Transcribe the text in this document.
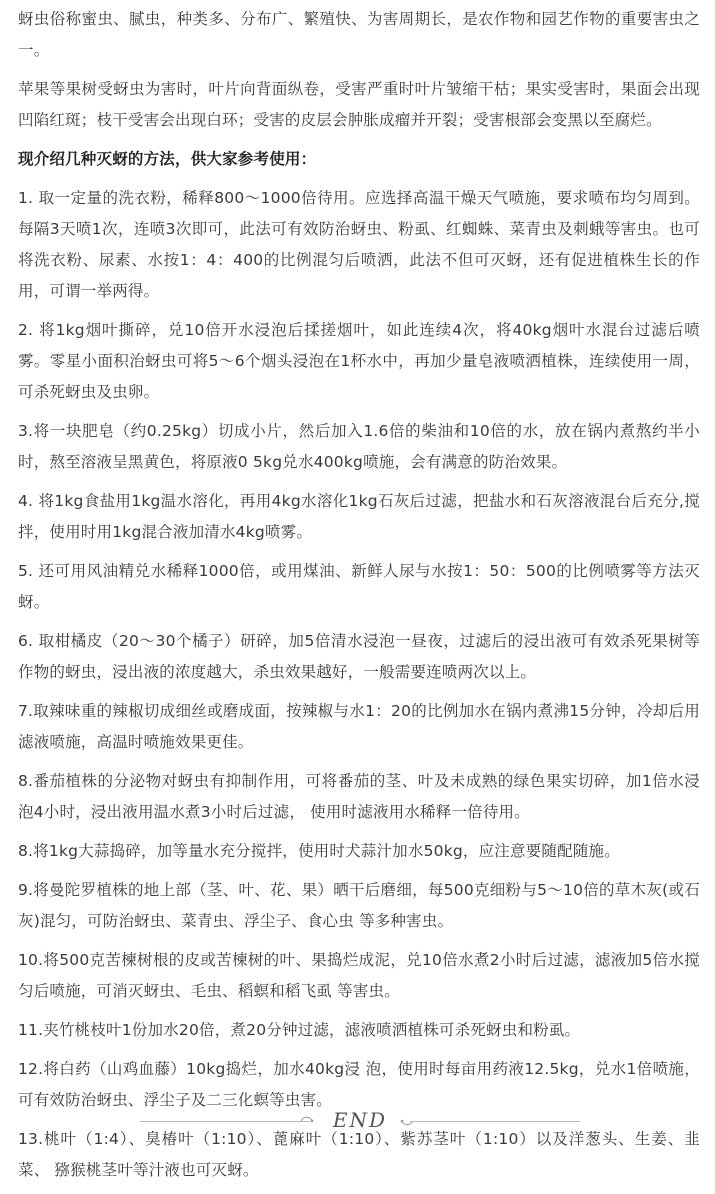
蚜虫俗称蜜虫、腻虫，种类多、分布广、繁殖快、为害周期长，是农作物和园艺作物的重要害虫之一。

苹果等果树受蚜虫为害时，叶片向背面纵卷，受害严重时叶片皱缩干枯；果实受害时，果面会出现凹陷红斑；枝干受害会出现白环；受害的皮层会肿胀成瘤并开裂；受害根部会变黑以至腐烂。

现介绍几种灭蚜的方法，供大家参考使用：

1. 取一定量的洗衣粉，稀释800～1000倍待用。应选择高温干燥天气喷施，要求喷布均匀周到。每隔3天喷1次，连喷3次即可，此法可有效防治蚜虫、粉虱、红蜘蛛、菜青虫及刺蛾等害虫。也可将洗衣粉、尿素、水按1：4：400的比例混匀后喷洒，此法不但可灭蚜，还有促进植株生长的作用，可谓一举两得。

2. 将1kg烟叶撕碎，兑10倍开水浸泡后揉搓烟叶，如此连续4次，将40kg烟叶水混台过滤后喷雾。零星小面积治蚜虫可将5～6个烟头浸泡在1杯水中，再加少量皂液喷洒植株，连续使用一周，可杀死蚜虫及虫卵。

3.将一块肥皂（约0.25kg）切成小片，然后加入1.6倍的柴油和10倍的水，放在锅内煮熬约半小时，熬至溶液呈黑黄色，将原液0 5kg兑水400kg喷施，会有满意的防治效果。

4. 将1kg食盐用1kg温水溶化，再用4kg水溶化1kg石灰后过滤，把盐水和石灰溶液混台后充分,搅拌，使用时用1kg混合液加清水4kg喷雾。

5. 还可用风油精兑水稀释1000倍，或用煤油、新鲜人尿与水按1：50：500的比例喷雾等方法灭蚜。

6. 取柑橘皮（20～30个橘子）研碎，加5倍清水浸泡一昼夜，过滤后的浸出液可有效杀死果树等作物的蚜虫，浸出液的浓度越大，杀虫效果越好，一般需要连喷两次以上。

7.取辣味重的辣椒切成细丝或磨成面，按辣椒与水1：20的比例加水在锅内煮沸15分钟，冷却后用滤液喷施，高温时喷施效果更佳。

8.番茄植株的分泌物对蚜虫有抑制作用，可将番茄的茎、叶及未成熟的绿色果实切碎，加1倍水浸泡4小时，浸出液用温水煮3小时后过滤， 使用时滤液用水稀释一倍待用。

8.将1kg大蒜捣碎，加等量水充分搅拌，使用时犬蒜汁加水50kg，应注意要随配随施。

9.将曼陀罗植株的地上部（茎、叶、花、果）晒干后磨细，每500克细粉与5～10倍的草木灰(或石灰)混匀，可防治蚜虫、菜青虫、浮尘子、食心虫 等多种害虫。

10.将500克苦楝树根的皮或苦楝树的叶、果捣烂成泥，兑10倍水煮2小时后过滤，滤液加5倍水搅匀后喷施，可消灭蚜虫、毛虫、稻螟和稻飞虱 等害虫。

11.夹竹桃枝叶1份加水20倍，煮20分钟过滤，滤液喷洒植株可杀死蚜虫和粉虱。

12.将白药（山鸡血藤）10kg捣烂，加水40kg浸 泡，使用时每亩用药液12.5kg，兑水1倍喷施，可有效防治蚜虫、浮尘子及二三化螟等虫害。

13.桃叶（1:4）、臭椿叶（1:10）、蓖麻叶（1:10）、紫苏茎叶（1:10）以及洋葱头、生姜、韭菜、 猕猴桃茎叶等汁液也可灭蚜。

END
